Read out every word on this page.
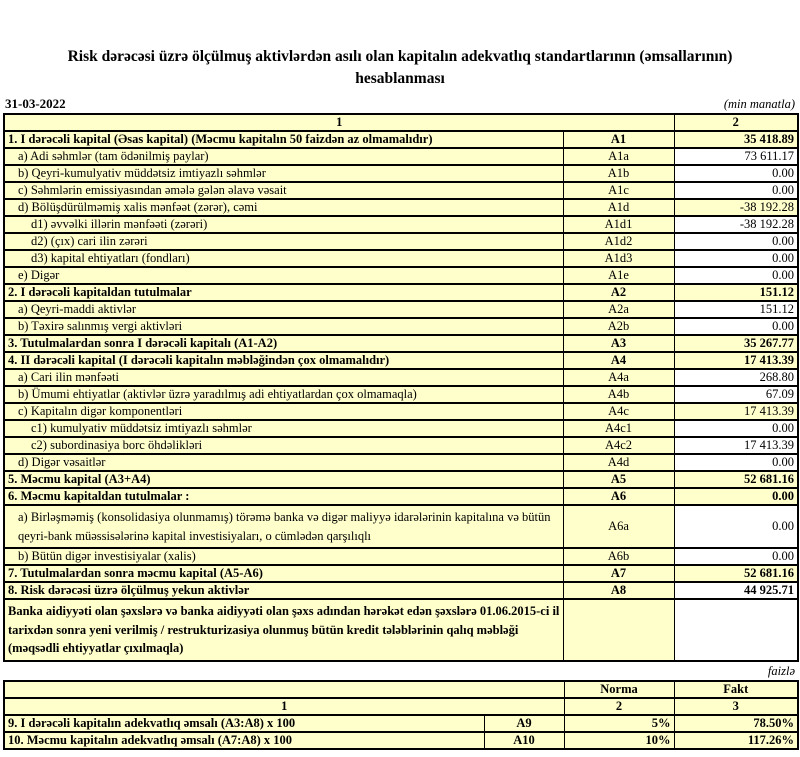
Risk dərəcəsi üzrə ölçülmuş aktivlərdən asılı olan kapitalın adekvatlıq standartlarının (əmsallarının) hesablanması
31-03-2022	(min manatla)
1		2
1. I dərəcəli kapital (Əsas kapital) (Məcmu kapitalın 50 faizdən az olmamalıdır)	A1	35 418.89
a) Adi səhmlər (tam ödənilmiş paylar)	A1a	73 611.17
b) Qeyri-kumulyativ müddətsiz imtiyazlı səhmlər	A1b	0.00
c) Səhmlərin emissiyasından əmələ gələn əlavə vəsait	A1c	0.00
d) Bölüşdürülməmiş xalis mənfəət (zərər), cəmi	A1d	-38 192.28
d1) əvvəlki illərin mənfəəti (zərəri)	A1d1	-38 192.28
d2) (çıx) cari ilin zərəri	A1d2	0.00
d3) kapital ehtiyatları (fondları)	A1d3	0.00
e) Digər	A1e	0.00
2. I dərəcəli kapitaldan tutulmalar	A2	151.12
a) Qeyri-maddi aktivlər	A2a	151.12
b) Təxirə salınmış vergi aktivləri	A2b	0.00
3. Tutulmalardan sonra I dərəcəli kapitalı (A1-A2)	A3	35 267.77
4. II dərəcəli kapital (I dərəcəli kapitalın məbləğindən çox olmamalıdır)	A4	17 413.39
a) Cari ilin mənfəəti	A4a	268.80
b) Ümumi ehtiyatlar (aktivlər üzrə yaradılmış adi ehtiyatlardan çox olmamaqla)	A4b	67.09
c) Kapitalın digər komponentləri	A4c	17 413.39
c1) kumulyativ müddətsiz imtiyazlı səhmlər	A4c1	0.00
c2) subordinasiya borc öhdəlikləri	A4c2	17 413.39
d) Digər vəsaitlər	A4d	0.00
5. Məcmu kapital (A3+A4)	A5	52 681.16
6. Məcmu kapitaldan tutulmalar :	A6	0.00
a) Birləşməmiş (konsolidasiya olunmamış) törəmə banka və digər maliyyə idarələrinin kapitalına və bütün qeyri-bank müəssisələrinə kapital investisiyaları, o cümlədən qarşılıqlı	A6a	0.00
b) Bütün digər investisiyalar (xalis)	A6b	0.00
7. Tutulmalardan sonra məcmu kapital (A5-A6)	A7	52 681.16
8. Risk dərəcəsi üzrə ölçülmuş yekun aktivlər	A8	44 925.71
Banka aidiyyəti olan şəxslərə və banka aidiyyəti olan şəxs adından hərəkət edən şəxslərə 01.06.2015-ci il tarixdən sonra yeni verilmiş / restrukturizasiya olunmuş bütün kredit tələblərinin qalıq məbləği (məqsədli ehtiyyatlar çıxılmaqla)		
faizlə
		Norma	Fakt
1		2	3
9. I dərəcəli kapitalın adekvatlıq əmsalı (A3:A8) x 100	A9	5%	78.50%
10. Məcmu kapitalın adekvatlıq əmsalı (A7:A8) x 100	A10	10%	117.26%
